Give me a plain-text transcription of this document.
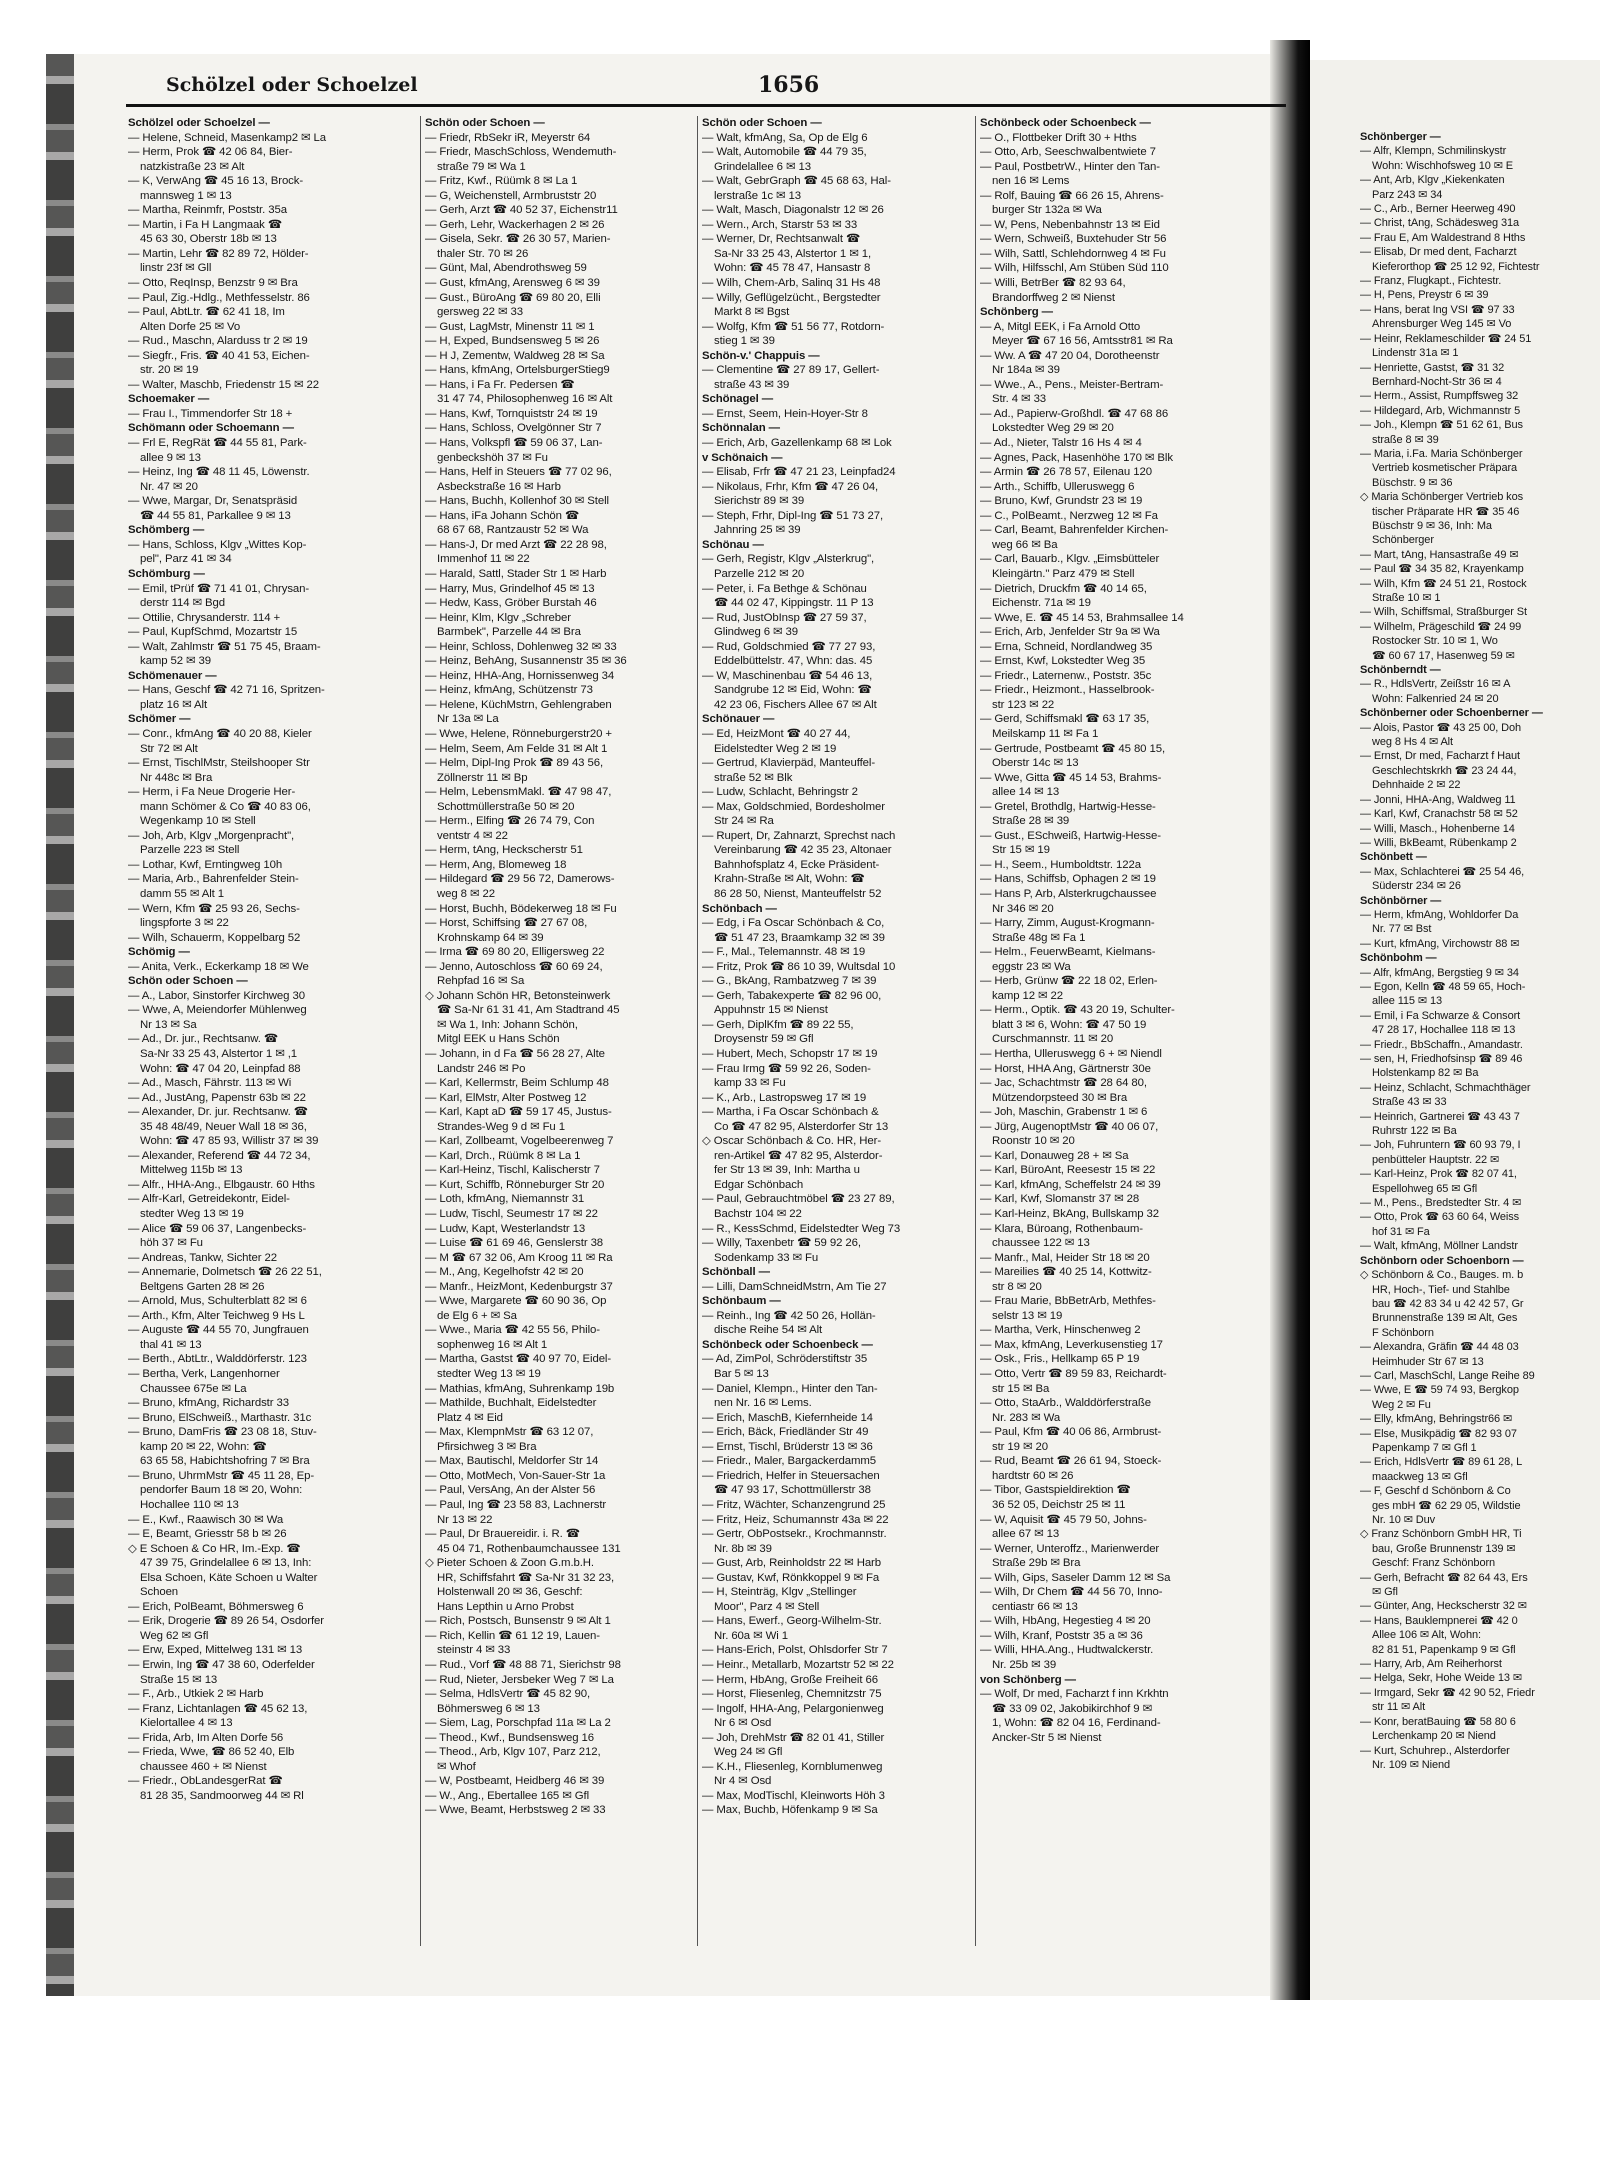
Schölzel oder Schoelzel	1656
Schölzel oder Schoelzel —
— Helene, Schneid, Masenkamp2 ✉ La
— Herm, Prok ☎ 42 06 84, Bier-
natzkistraße 23 ✉ Alt
— K, VerwAng ☎ 45 16 13, Brock-
mannsweg 1 ✉ 13
— Martha, Reinmfr, Poststr. 35a
— Martin, i Fa H Langmaak ☎
45 63 30, Oberstr 18b ✉ 13
— Martin, Lehr ☎ 82 89 72, Hölder-
linstr 23f ✉ Gll
— Otto, ReqInsp, Benzstr 9 ✉ Bra
— Paul, Zig.-Hdlg., Methfesselstr. 86
— Paul, AbtLtr. ☎ 62 41 18, Im
Alten Dorfe 25 ✉ Vo
— Rud., Maschn, Alarduss tr 2 ✉ 19
— Siegfr., Fris. ☎ 40 41 53, Eichen-
str. 20 ✉ 19
— Walter, Maschb, Friedenstr 15 ✉ 22
Schoemaker —
— Frau I., Timmendorfer Str 18 +
Schömann oder Schoemann —
— Frl E, RegRät ☎ 44 55 81, Park-
allee 9 ✉ 13
— Heinz, Ing ☎ 48 11 45, Löwenstr.
Nr. 47 ✉ 20
— Wwe, Margar, Dr, Senatspräsid
☎ 44 55 81, Parkallee 9 ✉ 13
Schömberg —
— Hans, Schloss, Klgv „Wittes Kop-
pel", Parz 41 ✉ 34
Schömburg —
— Emil, tPrüf ☎ 71 41 01, Chrysan-
derstr 114 ✉ Bgd
— Ottilie, Chrysanderstr. 114 +
— Paul, KupfSchmd, Mozartstr 15
— Walt, Zahlmstr ☎ 51 75 45, Braam-
kamp 52 ✉ 39
Schömenauer —
— Hans, Geschf ☎ 42 71 16, Spritzen-
platz 16 ✉ Alt
Schömer —
— Conr., kfmAng ☎ 40 20 88, Kieler
Str 72 ✉ Alt
— Ernst, TischlMstr, Steilshooper Str
Nr 448c ✉ Bra
— Herm, i Fa Neue Drogerie Her-
mann Schömer & Co ☎ 40 83 06,
Wegenkamp 10 ✉ Stell
— Joh, Arb, Klgv „Morgenpracht",
Parzelle 223 ✉ Stell
— Lothar, Kwf, Erntingweg 10h
— Maria, Arb., Bahrenfelder Stein-
damm 55 ✉ Alt 1
— Wern, Kfm ☎ 25 93 26, Sechs-
lingspforte 3 ✉ 22
— Wilh, Schauerm, Koppelbarg 52
Schömig —
— Anita, Verk., Eckerkamp 18 ✉ We
Schön oder Schoen —
— A., Labor, Sinstorfer Kirchweg 30
— Wwe, A, Meiendorfer Mühlenweg
Nr 13 ✉ Sa
— Ad., Dr. jur., Rechtsanw. ☎
Sa-Nr 33 25 43, Alstertor 1 ✉ ,1
Wohn: ☎ 47 04 20, Leinpfad 88
— Ad., Masch, Fährstr. 113 ✉ Wi
— Ad., JustAng, Papenstr 63b ✉ 22
— Alexander, Dr. jur. Rechtsanw. ☎
35 48 48/49, Neuer Wall 18 ✉ 36,
Wohn: ☎ 47 85 93, Willistr 37 ✉ 39
— Alexander, Referend ☎ 44 72 34,
Mittelweg 115b ✉ 13
— Alfr., HHA-Ang., Elbgaustr. 60 Hths
— Alfr-Karl, Getreidekontr, Eidel-
stedter Weg 13 ✉ 19
— Alice ☎ 59 06 37, Langenbecks-
höh 37 ✉ Fu
— Andreas, Tankw, Sichter 22
— Annemarie, Dolmetsch ☎ 26 22 51,
Beltgens Garten 28 ✉ 26
— Arnold, Mus, Schulterblatt 82 ✉ 6
— Arth., Kfm, Alter Teichweg 9 Hs L
— Auguste ☎ 44 55 70, Jungfrauen
thal 41 ✉ 13
— Berth., AbtLtr., Walddörferstr. 123
— Bertha, Verk, Langenhorner
Chaussee 675e ✉ La
— Bruno, kfmAng, Richardstr 33
— Bruno, ElSchweiß., Marthastr. 31c
— Bruno, DamFris ☎ 23 08 18, Stuv-
kamp 20 ✉ 22, Wohn: ☎
63 65 58, Habichtshofring 7 ✉ Bra
— Bruno, UhrmMstr ☎ 45 11 28, Ep-
pendorfer Baum 18 ✉ 20, Wohn:
Hochallee 110 ✉ 13
— E., Kwf., Raawisch 30 ✉ Wa
— E, Beamt, Griesstr 58 b ✉ 26
◇ E Schoen & Co HR, Im.-Exp. ☎
47 39 75, Grindelallee 6 ✉ 13, Inh:
Elsa Schoen, Käte Schoen u Walter
Schoen
— Erich, PolBeamt, Böhmersweg 6
— Erik, Drogerie ☎ 89 26 54, Osdorfer
Weg 62 ✉ Gfl
— Erw, Exped, Mittelweg 131 ✉ 13
— Erwin, Ing ☎ 47 38 60, Oderfelder
Straße 15 ✉ 13
— F., Arb., Utkiek 2 ✉ Harb
— Franz, Lichtanlagen ☎ 45 62 13,
Kielortallee 4 ✉ 13
— Frida, Arb, Im Alten Dorfe 56
— Frieda, Wwe, ☎ 86 52 40, Elb
chaussee 460 + ✉ Nienst
— Friedr., ObLandesgerRat ☎
81 28 35, Sandmoorweg 44 ✉ Rl
Schön oder Schoen —
— Friedr, RbSekr iR, Meyerstr 64
— Friedr, MaschSchloss, Wendemuth-
straße 79 ✉ Wa 1
— Fritz, Kwf., Rüümk 8 ✉ La 1
— G, Weichenstell, Armbruststr 20
— Gerh, Arzt ☎ 40 52 37, Eichenstr11
— Gerh, Lehr, Wackerhagen 2 ✉ 26
— Gisela, Sekr. ☎ 26 30 57, Marien-
thaler Str. 70 ✉ 26
— Günt, Mal, Abendrothsweg 59
— Gust, kfmAng, Arensweg 6 ✉ 39
— Gust., BüroAng ☎ 69 80 20, Elli
gersweg 22 ✉ 33
— Gust, LagMstr, Minenstr 11 ✉ 1
— H, Exped, Bundsensweg 5 ✉ 26
— H J, Zementw, Waldweg 28 ✉ Sa
— Hans, kfmAng, OrtelsburgerStieg9
— Hans, i Fa Fr. Pedersen ☎
31 47 74, Philosophenweg 16 ✉ Alt
— Hans, Kwf, Tornquiststr 24 ✉ 19
— Hans, Schloss, Ovelgönner Str 7
— Hans, Volkspfl ☎ 59 06 37, Lan-
genbeckshöh 37 ✉ Fu
— Hans, Helf in Steuers ☎ 77 02 96,
Asbeckstraße 16 ✉ Harb
— Hans, Buchh, Kollenhof 30 ✉ Stell
— Hans, iFa Johann Schön ☎
68 67 68, Rantzaustr 52 ✉ Wa
— Hans-J, Dr med Arzt ☎ 22 28 98,
Immenhof 11 ✉ 22
— Harald, Sattl, Stader Str 1 ✉ Harb
— Harry, Mus, Grindelhof 45 ✉ 13
— Hedw, Kass, Gröber Burstah 46
— Heinr, Klm, Klgv „Schreber
Barmbek", Parzelle 44 ✉ Bra
— Heinr, Schloss, Dohlenweg 32 ✉ 33
— Heinz, BehAng, Susannenstr 35 ✉ 36
— Heinz, HHA-Ang, Hornissenweg 34
— Heinz, kfmAng, Schützenstr 73
— Helene, KüchMstrn, Gehlengraben
Nr 13a ✉ La
— Wwe, Helene, Rönneburgerstr20 +
— Helm, Seem, Am Felde 31 ✉ Alt 1
— Helm, Dipl-Ing Prok ☎ 89 43 56,
Zöllnerstr 11 ✉ Bp
— Helm, LebensmMakl. ☎ 47 98 47,
Schottmüllerstraße 50 ✉ 20
— Herm., Elfing ☎ 26 74 79, Con
ventstr 4 ✉ 22
— Herm, tAng, Heckscherstr 51
— Herm, Ang, Blomeweg 18
— Hildegard ☎ 29 56 72, Damerows-
weg 8 ✉ 22
— Horst, Buchh, Bödekerweg 18 ✉ Fu
— Horst, Schiffsing ☎ 27 67 08,
Krohnskamp 64 ✉ 39
— Irma ☎ 69 80 20, Elligersweg 22
— Jenno, Autoschloss ☎ 60 69 24,
Rehpfad 16 ✉ Sa
◇ Johann Schön HR, Betonsteinwerk
☎ Sa-Nr 61 31 41, Am Stadtrand 45
✉ Wa 1, Inh: Johann Schön,
Mitgl EEK u Hans Schön
— Johann, in d Fa ☎ 56 28 27, Alte
Landstr 246 ✉ Po
— Karl, Kellermstr, Beim Schlump 48
— Karl, ElMstr, Alter Postweg 12
— Karl, Kapt aD ☎ 59 17 45, Justus-
Strandes-Weg 9 d ✉ Fu 1
— Karl, Zollbeamt, Vogelbeerenweg 7
— Karl, Drch., Rüümk 8 ✉ La 1
— Karl-Heinz, Tischl, Kalischerstr 7
— Kurt, Schiffb, Rönneburger Str 20
— Loth, kfmAng, Niemannstr 31
— Ludw, Tischl, Seumestr 17 ✉ 22
— Ludw, Kapt, Westerlandstr 13
— Luise ☎ 61 69 46, Genslerstr 38
— M ☎ 67 32 06, Am Kroog 11 ✉ Ra
— M., Ang, Kegelhofstr 42 ✉ 20
— Manfr., HeizMont, Kedenburgstr 37
— Wwe, Margarete ☎ 60 90 36, Op
de Elg 6 + ✉ Sa
— Wwe., Maria ☎ 42 55 56, Philo-
sophenweg 16 ✉ Alt 1
— Martha, Gastst ☎ 40 97 70, Eidel-
stedter Weg 13 ✉ 19
— Mathias, kfmAng, Suhrenkamp 19b
— Mathilde, Buchhalt, Eidelstedter
Platz 4 ✉ Eid
— Max, KlempnMstr ☎ 63 12 07,
Pfirsichweg 3 ✉ Bra
— Max, Bautischl, Meldorfer Str 14
— Otto, MotMech, Von-Sauer-Str 1a
— Paul, VersAng, An der Alster 56
— Paul, Ing ☎ 23 58 83, Lachnerstr
Nr 13 ✉ 22
— Paul, Dr Brauereidir. i. R. ☎
45 04 71, Rothenbaumchaussee 131
◇ Pieter Schoen & Zoon G.m.b.H.
HR, Schiffsfahrt ☎ Sa-Nr 31 32 23,
Holstenwall 20 ✉ 36, Geschf:
Hans Lepthin u Arno Probst
— Rich, Postsch, Bunsenstr 9 ✉ Alt 1
— Rich, Kellin ☎ 61 12 19, Lauen-
steinstr 4 ✉ 33
— Rud., Vorf ☎ 48 88 71, Sierichstr 98
— Rud, Nieter, Jersbeker Weg 7 ✉ La
— Selma, HdlsVertr ☎ 45 82 90,
Böhmersweg 6 ✉ 13
— Siem, Lag, Porschpfad 11a ✉ La 2
— Theod., Kwf., Bundsensweg 16
— Theod., Arb, Klgv 107, Parz 212,
✉ Whof
— W, Postbeamt, Heidberg 46 ✉ 39
— W., Ang., Ebertallee 165 ✉ Gfl
— Wwe, Beamt, Herbstsweg 2 ✉ 33
Schön oder Schoen —
— Walt, kfmAng, Sa, Op de Elg 6
— Walt, Automobile ☎ 44 79 35,
Grindelallee 6 ✉ 13
— Walt, GebrGraph ☎ 45 68 63, Hal-
lerstraße 1c ✉ 13
— Walt, Masch, Diagonalstr 12 ✉ 26
— Wern., Arch, Starstr 53 ✉ 33
— Werner, Dr, Rechtsanwalt ☎
Sa-Nr 33 25 43, Alstertor 1 ✉ 1,
Wohn: ☎ 45 78 47, Hansastr 8
— Wilh, Chem-Arb, Salinq 31 Hs 48
— Willy, Geflügelzücht., Bergstedter
Markt 8 ✉ Bgst
— Wolfg, Kfm ☎ 51 56 77, Rotdorn-
stieg 1 ✉ 39
Schön-v.' Chappuis —
— Clementine ☎ 27 89 17, Gellert-
straße 43 ✉ 39
Schönagel —
— Ernst, Seem, Hein-Hoyer-Str 8
Schönnalan —
— Erich, Arb, Gazellenkamp 68 ✉ Lok
v Schönaich —
— Elisab, Frfr ☎ 47 21 23, Leinpfad24
— Nikolaus, Frhr, Kfm ☎ 47 26 04,
Sierichstr 89 ✉ 39
— Steph, Frhr, Dipl-Ing ☎ 51 73 27,
Jahnring 25 ✉ 39
Schönau —
— Gerh, Registr, Klgv „Alsterkrug",
Parzelle 212 ✉ 20
— Peter, i. Fa Bethge & Schönau
☎ 44 02 47, Kippingstr. 11 P 13
— Rud, JustObInsp ☎ 27 59 37,
Glindweg 6 ✉ 39
— Rud, Goldschmied ☎ 77 27 93,
Eddelbüttelstr. 47, Whn: das. 45
— W, Maschinenbau ☎ 54 46 13,
Sandgrube 12 ✉ Eid, Wohn: ☎
42 23 06, Fischers Allee 67 ✉ Alt
Schönauer —
— Ed, HeizMont ☎ 40 27 44,
Eidelstedter Weg 2 ✉ 19
— Gertrud, Klavierpäd, Manteuffel-
straße 52 ✉ Blk
— Ludw, Schlacht, Behringstr 2
— Max, Goldschmied, Bordesholmer
Str 24 ✉ Ra
— Rupert, Dr, Zahnarzt, Sprechst nach
Vereinbarung ☎ 42 35 23, Altonaer
Bahnhofsplatz 4, Ecke Präsident-
Krahn-Straße ✉ Alt, Wohn: ☎
86 28 50, Nienst, Manteuffelstr 52
Schönbach —
— Edg, i Fa Oscar Schönbach & Co,
☎ 51 47 23, Braamkamp 32 ✉ 39
— F., Mal., Telemannstr. 48 ✉ 19
— Fritz, Prok ☎ 86 10 39, Wultsdal 10
— G., BkAng, Rambatzweg 7 ✉ 39
— Gerh, Tabakexperte ☎ 82 96 00,
Appuhnstr 15 ✉ Nienst
— Gerh, DiplKfm ☎ 89 22 55,
Droysenstr 59 ✉ Gfl
— Hubert, Mech, Schopstr 17 ✉ 19
— Frau Irmg ☎ 59 92 26, Soden-
kamp 33 ✉ Fu
— K., Arb., Lastropsweg 17 ✉ 19
— Martha, i Fa Oscar Schönbach &
Co ☎ 47 82 95, Alsterdorfer Str 13
◇ Oscar Schönbach & Co. HR, Her-
ren-Artikel ☎ 47 82 95, Alsterdor-
fer Str 13 ✉ 39, Inh: Martha u
Edgar Schönbach
— Paul, Gebrauchtmöbel ☎ 23 27 89,
Bachstr 104 ✉ 22
— R., KessSchmd, Eidelstedter Weg 73
— Willy, Taxenbetr ☎ 59 92 26,
Sodenkamp 33 ✉ Fu
Schönball —
— Lilli, DamSchneidMstrn, Am Tie 27
Schönbaum —
— Reinh., Ing ☎ 42 50 26, Hollän-
dische Reihe 54 ✉ Alt
Schönbeck oder Schoenbeck —
— Ad, ZimPol, Schröderstiftstr 35
Bar 5 ✉ 13
— Daniel, Klempn., Hinter den Tan-
nen Nr. 16 ✉ Lems.
— Erich, MaschB, Kiefernheide 14
— Erich, Bäck, Friedländer Str 49
— Ernst, Tischl, Brüderstr 13 ✉ 36
— Friedr., Maler, Bargackerdamm5
— Friedrich, Helfer in Steuersachen
☎ 47 93 17, Schottmüllerstr 38
— Fritz, Wächter, Schanzengrund 25
— Fritz, Heiz, Schumannstr 43a ✉ 22
— Gertr, ObPostsekr., Krochmannstr.
Nr. 8b ✉ 39
— Gust, Arb, Reinholdstr 22 ✉ Harb
— Gustav, Kwf, Rönkkoppel 9 ✉ Fa
— H, Steinträg, Klgv „Stellinger
Moor", Parz 4 ✉ Stell
— Hans, Ewerf., Georg-Wilhelm-Str.
Nr. 60a ✉ Wi 1
— Hans-Erich, Polst, Ohlsdorfer Str 7
— Heinr., Metallarb, Mozartstr 52 ✉ 22
— Herm, HbAng, Große Freiheit 66
— Horst, Fliesenleg, Chemnitzstr 75
— Ingolf, HHA-Ang, Pelargonienweg
Nr 6 ✉ Osd
— Joh, DrehMstr ☎ 82 01 41, Stiller
Weg 24 ✉ Gfl
— K.H., Fliesenleg, Kornblumenweg
Nr 4 ✉ Osd
— Max, ModTischl, Kleinworts Höh 3
— Max, Buchb, Höfenkamp 9 ✉ Sa
Schönbeck oder Schoenbeck —
— O., Flottbeker Drift 30 + Hths
— Otto, Arb, Seeschwalbentwiete 7
— Paul, PostbetrW., Hinter den Tan-
nen 16 ✉ Lems
— Rolf, Bauing ☎ 66 26 15, Ahrens-
burger Str 132a ✉ Wa
— W, Pens, Nebenbahnstr 13 ✉ Eid
— Wern, Schweiß, Buxtehuder Str 56
— Wilh, Sattl, Schlehdornweg 4 ✉ Fu
— Wilh, Hilfsschl, Am Stüben Süd 110
— Willi, BetrBer ☎ 82 93 64,
Brandorffweg 2 ✉ Nienst
Schönberg —
— A, Mitgl EEK, i Fa Arnold Otto
Meyer ☎ 67 16 56, Amtsstr81 ✉ Ra
— Ww. A ☎ 47 20 04, Dorotheenstr
Nr 184a ✉ 39
— Wwe., A., Pens., Meister-Bertram-
Str. 4 ✉ 33
— Ad., Papierw-Großhdl. ☎ 47 68 86
Lokstedter Weg 29 ✉ 20
— Ad., Nieter, Talstr 16 Hs 4 ✉ 4
— Agnes, Pack, Hasenhöhe 170 ✉ Blk
— Armin ☎ 26 78 57, Eilenau 120
— Arth., Schiffb, Ulleruswegg 6
— Bruno, Kwf, Grundstr 23 ✉ 19
— C., PolBeamt., Nerzweg 12 ✉ Fa
— Carl, Beamt, Bahrenfelder Kirchen-
weg 66 ✉ Ba
— Carl, Bauarb., Klgv. „Eimsbütteler
Kleingärtn." Parz 479 ✉ Stell
— Dietrich, Druckfm ☎ 40 14 65,
Eichenstr. 71a ✉ 19
— Wwe, E. ☎ 45 14 53, Brahmsallee 14
— Erich, Arb, Jenfelder Str 9a ✉ Wa
— Erna, Schneid, Nordlandweg 35
— Ernst, Kwf, Lokstedter Weg 35
— Friedr., Laternenw., Poststr. 35c
— Friedr., Heizmont., Hasselbrook-
str 123 ✉ 22
— Gerd, Schiffsmakl ☎ 63 17 35,
Meilskamp 11 ✉ Fa 1
— Gertrude, Postbeamt ☎ 45 80 15,
Oberstr 14c ✉ 13
— Wwe, Gitta ☎ 45 14 53, Brahms-
allee 14 ✉ 13
— Gretel, Brothdlg, Hartwig-Hesse-
Straße 28 ✉ 39
— Gust., ESchweiß, Hartwig-Hesse-
Str 15 ✉ 19
— H., Seem., Humboldtstr. 122a
— Hans, Schiffsb, Ophagen 2 ✉ 19
— Hans P, Arb, Alsterkrugchaussee
Nr 346 ✉ 20
— Harry, Zimm, August-Krogmann-
Straße 48g ✉ Fa 1
— Helm., FeuerwBeamt, Kielmans-
eggstr 23 ✉ Wa
— Herb, Grünw ☎ 22 18 02, Erlen-
kamp 12 ✉ 22
— Herm., Optik. ☎ 43 20 19, Schulter-
blatt 3 ✉ 6, Wohn: ☎ 47 50 19
Curschmannstr. 11 ✉ 20
— Hertha, Ulleruswegg 6 + ✉ Niendl
— Horst, HHA Ang, Gärtnerstr 30e
— Jac, Schachtmstr ☎ 28 64 80,
Mützendorpsteed 30 ✉ Bra
— Joh, Maschin, Grabenstr 1 ✉ 6
— Jürg, AugenoptMstr ☎ 40 06 07,
Roonstr 10 ✉ 20
— Karl, Donauweg 28 + ✉ Sa
— Karl, BüroAnt, Reesestr 15 ✉ 22
— Karl, kfmAng, Scheffelstr 24 ✉ 39
— Karl, Kwf, Slomanstr 37 ✉ 28
— Karl-Heinz, BkAng, Bullskamp 32
— Klara, Büroang, Rothenbaum-
chaussee 122 ✉ 13
— Manfr., Mal, Heider Str 18 ✉ 20
— Mareilies ☎ 40 25 14, Kottwitz-
str 8 ✉ 20
— Frau Marie, BbBetrArb, Methfes-
selstr 13 ✉ 19
— Martha, Verk, Hinschenweg 2
— Max, kfmAng, Leverkusenstieg 17
— Osk., Fris., Hellkamp 65 P 19
— Otto, Vertr ☎ 89 59 83, Reichardt-
str 15 ✉ Ba
— Otto, StaArb., Walddörferstraße
Nr. 283 ✉ Wa
— Paul, Kfm ☎ 40 06 86, Armbrust-
str 19 ✉ 20
— Rud, Beamt ☎ 26 61 94, Stoeck-
hardtstr 60 ✉ 26
— Tibor, Gastspieldirektion ☎
36 52 05, Deichstr 25 ✉ 11
— W, Aquisit ☎ 45 79 50, Johns-
allee 67 ✉ 13
— Werner, Unteroffz., Marienwerder
Straße 29b ✉ Bra
— Wilh, Gips, Saseler Damm 12 ✉ Sa
— Wilh, Dr Chem ☎ 44 56 70, Inno-
centiastr 66 ✉ 13
— Wilh, HbAng, Hegestieg 4 ✉ 20
— Wilh, Kranf, Poststr 35 a ✉ 36
— Willi, HHA.Ang., Hudtwalckerstr.
Nr. 25b ✉ 39
von Schönberg —
— Wolf, Dr med, Facharzt f inn Krkhtn
☎ 33 09 02, Jakobikirchhof 9 ✉
1, Wohn: ☎ 82 04 16, Ferdinand-
Ancker-Str 5 ✉ Nienst
Schönberger —
— Alfr, Klempn, Schmilinskystr
Wohn: Wischhofsweg 10 ✉ E
— Ant, Arb, Klgv „Kiekenkaten
Parz 243 ✉ 34
— C., Arb., Berner Heerweg 490
— Christ, tAng, Schädesweg 31a
— Frau E, Am Waldestrand 8 Hths
— Elisab, Dr med dent, Facharzt
Kieferorthop ☎ 25 12 92, Fichtestr
— Franz, Flugkapt., Fichtestr.
— H, Pens, Preystr 6 ✉ 39
— Hans, berat Ing VSI ☎ 97 33
Ahrensburger Weg 145 ✉ Vo
— Heinr, Reklameschilder ☎ 24 51
Lindenstr 31a ✉ 1
— Henriette, Gastst, ☎ 31 32
Bernhard-Nocht-Str 36 ✉ 4
— Herm., Assist, Rumpffsweg 32
— Hildegard, Arb, Wichmannstr 5
— Joh., Klempn ☎ 51 62 61, Bus
straße 8 ✉ 39
— Maria, i.Fa. Maria Schönberger
Vertrieb kosmetischer Präpara
Büschstr. 9 ✉ 36
◇ Maria Schönberger Vertrieb kos
tischer Präparate HR ☎ 35 46
Büschstr 9 ✉ 36, Inh: Ma
Schönberger
— Mart, tAng, Hansastraße 49 ✉
— Paul ☎ 34 35 82, Krayenkamp
— Wilh, Kfm ☎ 24 51 21, Rostock
Straße 10 ✉ 1
— Wilh, Schiffsmal, Straßburger St
— Wilhelm, Prägeschild ☎ 24 99
Rostocker Str. 10 ✉ 1, Wo
☎ 60 67 17, Hasenweg 59 ✉
Schönberndt —
— R., HdlsVertr, Zeißstr 16 ✉ A
Wohn: Falkenried 24 ✉ 20
Schönberner oder Schoenberner —
— Alois, Pastor ☎ 43 25 00, Doh
weg 8 Hs 4 ✉ Alt
— Ernst, Dr med, Facharzt f Haut
Geschlechtskrkh ☎ 23 24 44,
Dehnhaide 2 ✉ 22
— Jonni, HHA-Ang, Waldweg 11
— Karl, Kwf, Cranachstr 58 ✉ 52
— Willi, Masch., Hohenberne 14
— Willi, BkBeamt, Rübenkamp 2
Schönbett —
— Max, Schlachterei ☎ 25 54 46,
Süderstr 234 ✉ 26
Schönbörner —
— Herm, kfmAng, Wohldorfer Da
Nr. 77 ✉ Bst
— Kurt, kfmAng, Virchowstr 88 ✉
Schönbohm —
— Alfr, kfmAng, Bergstieg 9 ✉ 34
— Egon, Kelln ☎ 48 59 65, Hoch-
allee 115 ✉ 13
— Emil, i Fa Schwarze & Consort
47 28 17, Hochallee 118 ✉ 13
— Friedr., BbSchaffn., Amandastr.
— sen, H, Friedhofsinsp ☎ 89 46
Holstenkamp 82 ✉ Ba
— Heinz, Schlacht, Schmachthäger
Straße 43 ✉ 33
— Heinrich, Gartnerei ☎ 43 43 7
Ruhrstr 122 ✉ Ba
— Joh, Fuhruntern ☎ 60 93 79, I
penbütteler Hauptstr. 22 ✉
— Karl-Heinz, Prok ☎ 82 07 41,
Espellohweg 65 ✉ Gfl
— M., Pens., Bredstedter Str. 4 ✉
— Otto, Prok ☎ 63 60 64, Weiss
hof 31 ✉ Fa
— Walt, kfmAng, Möllner Landstr
Schönborn oder Schoenborn —
◇ Schönborn & Co., Bauges. m. b
HR, Hoch-, Tief- und Stahlbe
bau ☎ 42 83 34 u 42 42 57, Gr
Brunnenstraße 139 ✉ Alt, Ges
F Schönborn
— Alexandra, Gräfin ☎ 44 48 03
Heimhuder Str 67 ✉ 13
— Carl, MaschSchl, Lange Reihe 89
— Wwe, E ☎ 59 74 93, Bergkop
Weg 2 ✉ Fu
— Elly, kfmAng, Behringstr66 ✉
— Else, Musikpädig ☎ 82 93 07
Papenkamp 7 ✉ Gfl 1
— Erich, HdlsVertr ☎ 89 61 28, L
maackweg 13 ✉ Gfl
— F, Geschf d Schönborn & Co
ges mbH ☎ 62 29 05, Wildstie
Nr. 10 ✉ Duv
◇ Franz Schönborn GmbH HR, Ti
bau, Große Brunnenstr 139 ✉
Geschf: Franz Schönborn
— Gerh, Befracht ☎ 82 64 43, Ers
✉ Gfl
— Günter, Ang, Heckscherstr 32 ✉
— Hans, Bauklempnerei ☎ 42 0
Allee 106 ✉ Alt, Wohn:
82 81 51, Papenkamp 9 ✉ Gfl
— Harry, Arb, Am Reiherhorst
— Helga, Sekr, Hohe Weide 13 ✉
— Irmgard, Sekr ☎ 42 90 52, Friedr
str 11 ✉ Alt
— Konr, beratBauing ☎ 58 80 6
Lerchenkamp 20 ✉ Niend
— Kurt, Schuhrep., Alsterdorfer
Nr. 109 ✉ Niend
